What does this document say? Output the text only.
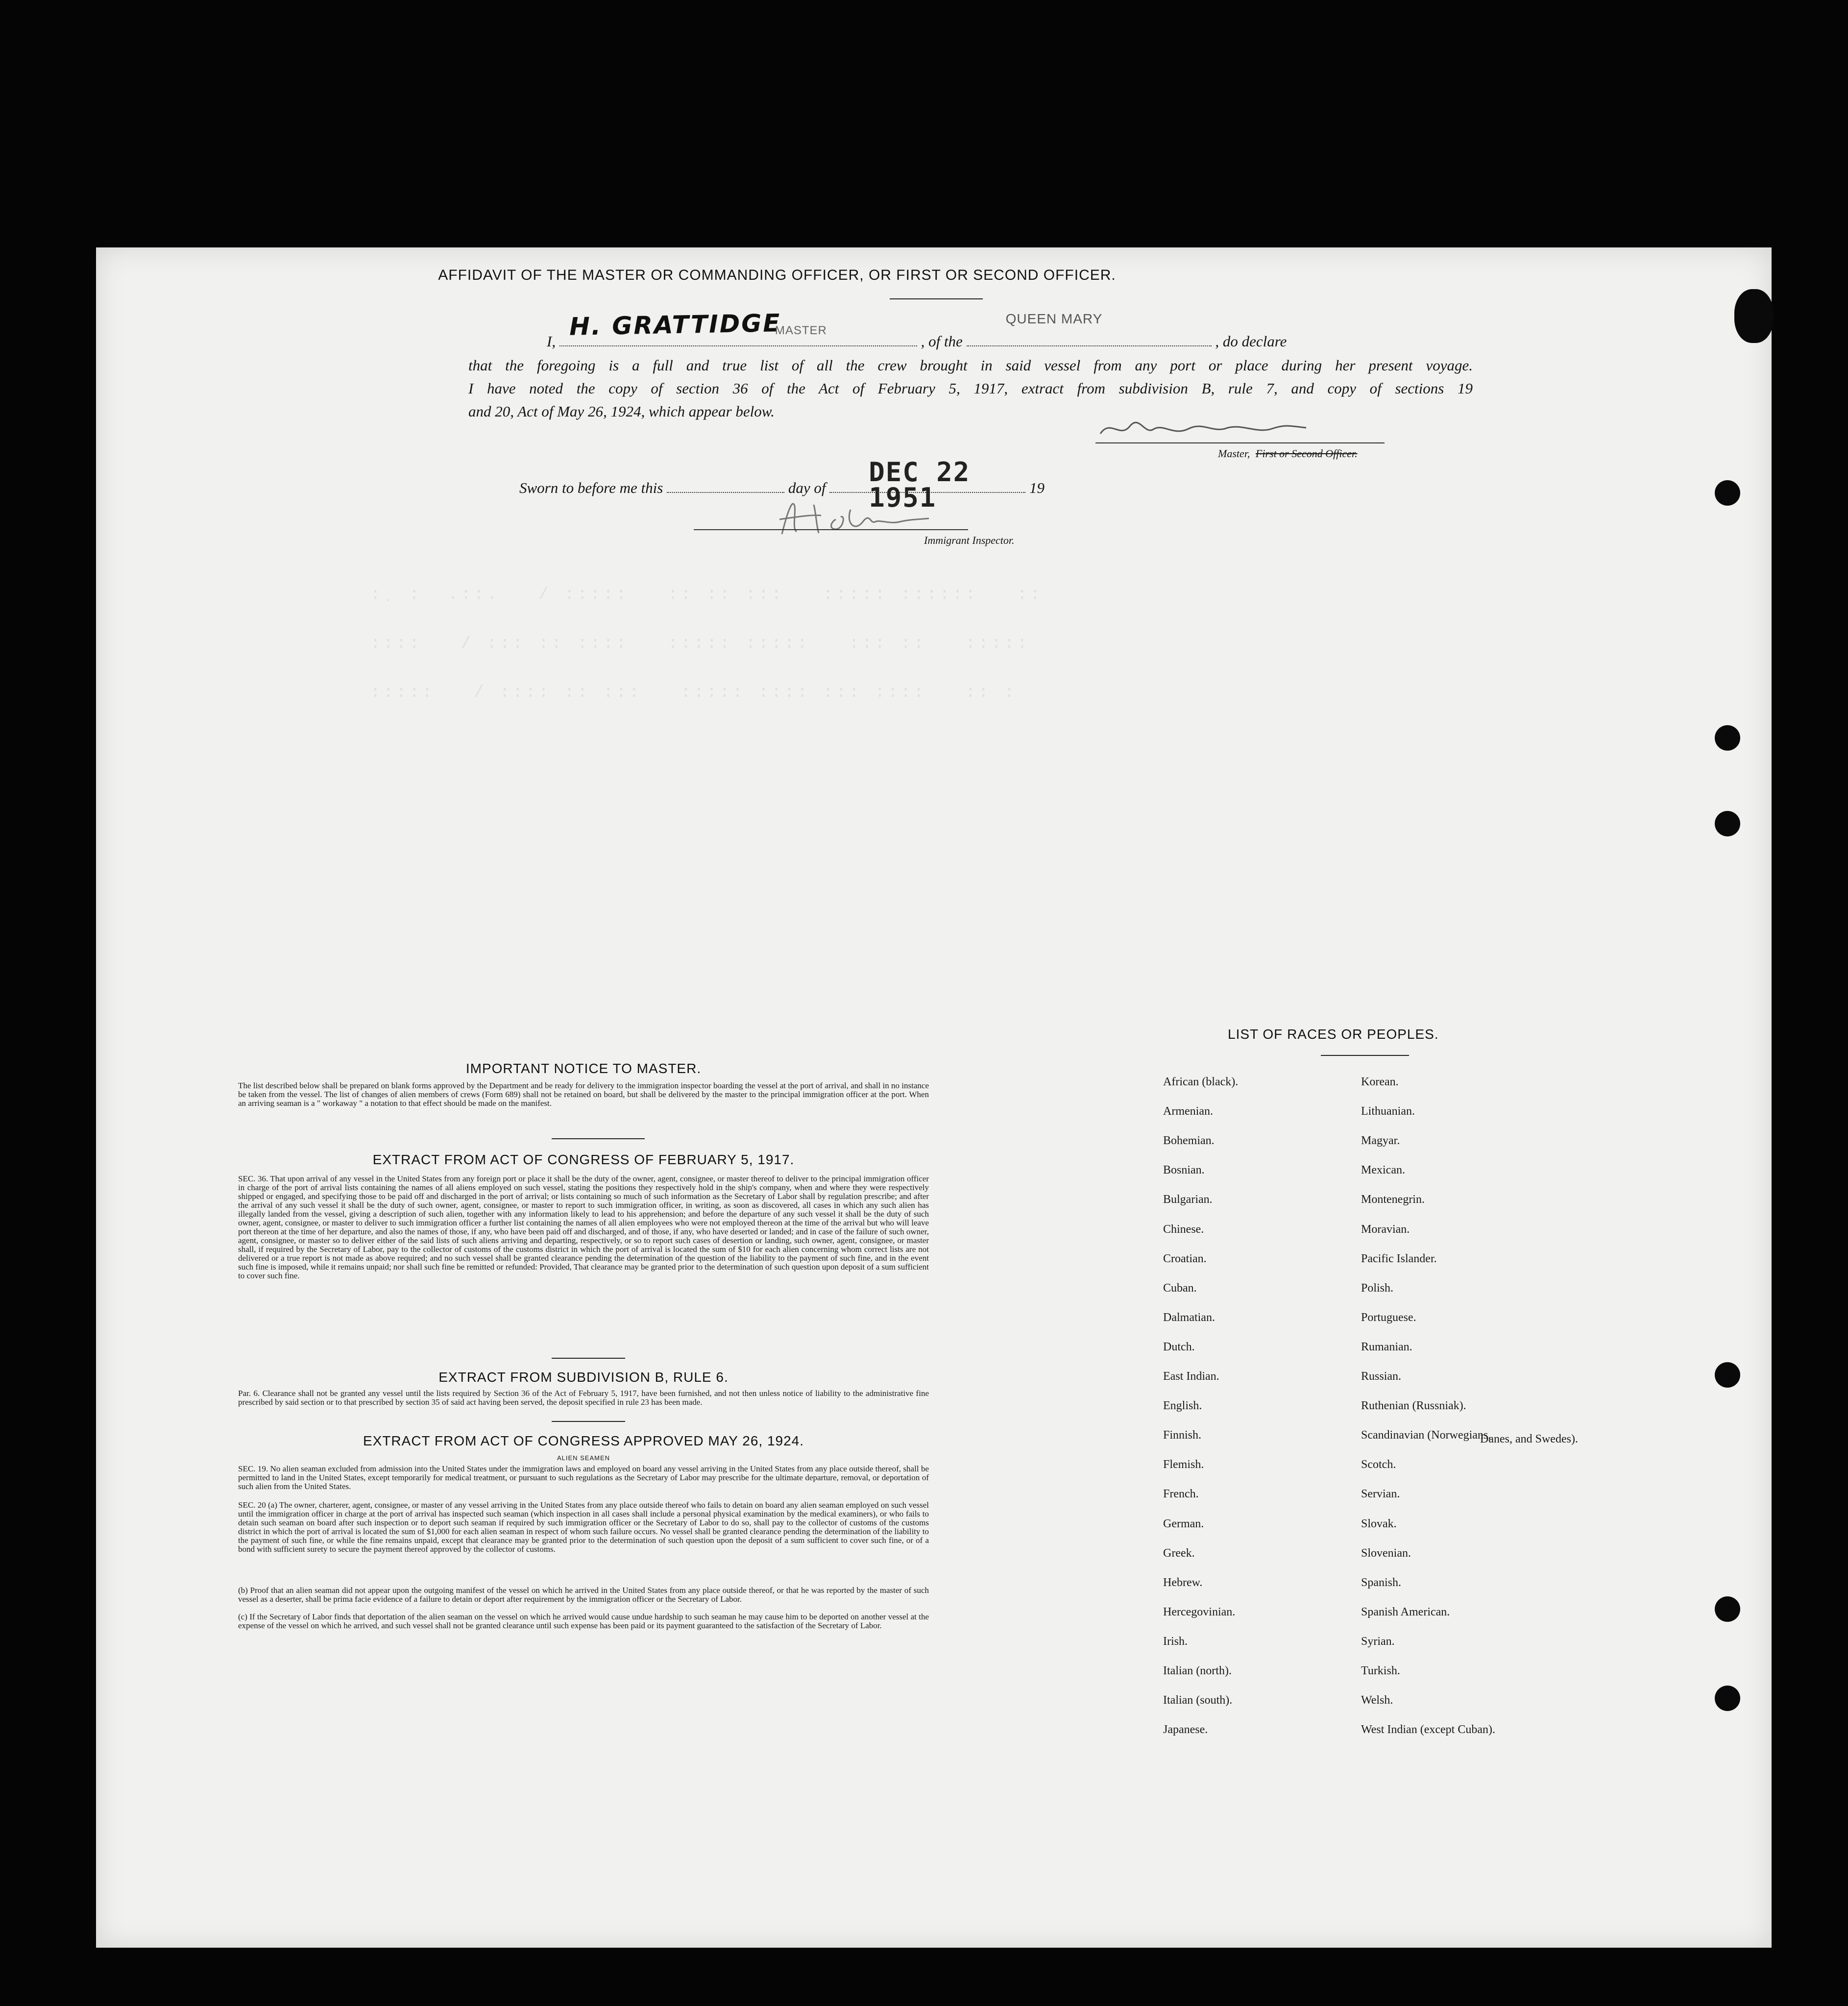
: ̣ :  .::.   / :::::   :: :: :::   ::::: ::::::   ::
::::   / ::: :: ::::   ::::: :::::   ::: ::   :::::
:::::   / :::: :: :::   ::::: :::: ::: ::::   :: :
AFFIDAVIT OF THE MASTER OR COMMANDING OFFICER, OR FIRST OR SECOND OFFICER.
I,
H. GRATTIDGE
MASTER
, of the
QUEEN MARY
, do declare
that the foregoing is a full and true list of all the crew brought in said vessel from any port or place during her present voyage.
I have noted the copy of section 36 of the Act of February 5, 1917, extract from subdivision B, rule 7, and copy of sections 19
and 20, Act of May 26, 1924, which appear below.
Master, First or Second Officer.
Sworn to before me this	day of
DEC 22 1951	19
Immigrant Inspector.
IMPORTANT NOTICE TO MASTER.
The list described below shall be prepared on blank forms approved by the Department and be ready for delivery to the immigration inspector boarding the vessel at the port of arrival, and shall in no instance be taken from the vessel. The list of changes of alien members of crews (Form 689) shall not be retained on board, but shall be delivered by the master to the principal immigration officer at the port. When an arriving seaman is a " workaway " a notation to that effect should be made on the manifest.
EXTRACT FROM ACT OF CONGRESS OF FEBRUARY 5, 1917.
SEC. 36. That upon arrival of any vessel in the United States from any foreign port or place it shall be the duty of the owner, agent, consignee, or master thereof to deliver to the principal immigration officer in charge of the port of arrival lists containing the names of all aliens employed on such vessel, stating the positions they respectively hold in the ship's company, when and where they were respectively shipped or engaged, and specifying those to be paid off and discharged in the port of arrival; or lists containing so much of such information as the Secretary of Labor shall by regulation prescribe; and after the arrival of any such vessel it shall be the duty of such owner, agent, consignee, or master to report to such immigration officer, in writing, as soon as discovered, all cases in which any such alien has illegally landed from the vessel, giving a description of such alien, together with any information likely to lead to his apprehension; and before the departure of any such vessel it shall be the duty of such owner, agent, consignee, or master to deliver to such immigration officer a further list containing the names of all alien employees who were not employed thereon at the time of the arrival but who will leave port thereon at the time of her departure, and also the names of those, if any, who have been paid off and discharged, and of those, if any, who have deserted or landed; and in case of the failure of such owner, agent, consignee, or master so to deliver either of the said lists of such aliens arriving and departing, respectively, or so to report such cases of desertion or landing, such owner, agent, consignee, or master shall, if required by the Secretary of Labor, pay to the collector of customs of the customs district in which the port of arrival is located the sum of $10 for each alien concerning whom correct lists are not delivered or a true report is not made as above required; and no such vessel shall be granted clearance pending the determination of the question of the liability to the payment of such fine, and in the event such fine is imposed, while it remains unpaid; nor shall such fine be remitted or refunded: Provided, That clearance may be granted prior to the determination of such question upon deposit of a sum sufficient to cover such fine.
EXTRACT FROM SUBDIVISION B, RULE 6.
Par. 6. Clearance shall not be granted any vessel until the lists required by Section 36 of the Act of February 5, 1917, have been furnished, and not then unless notice of liability to the administrative fine prescribed by said section or to that prescribed by section 35 of said act having been served, the deposit specified in rule 23 has been made.
EXTRACT FROM ACT OF CONGRESS APPROVED MAY 26, 1924.
ALIEN SEAMEN
SEC. 19. No alien seaman excluded from admission into the United States under the immigration laws and employed on board any vessel arriving in the United States from any place outside thereof, shall be permitted to land in the United States, except temporarily for medical treatment, or pursuant to such regulations as the Secretary of Labor may prescribe for the ultimate departure, removal, or deportation of such alien from the United States.
SEC. 20 (a) The owner, charterer, agent, consignee, or master of any vessel arriving in the United States from any place outside thereof who fails to detain on board any alien seaman employed on such vessel until the immigration officer in charge at the port of arrival has inspected such seaman (which inspection in all cases shall include a personal physical examination by the medical examiners), or who fails to detain such seaman on board after such inspection or to deport such seaman if required by such immigration officer or the Secretary of Labor to do so, shall pay to the collector of customs of the customs district in which the port of arrival is located the sum of $1,000 for each alien seaman in respect of whom such failure occurs. No vessel shall be granted clearance pending the determination of the liability to the payment of such fine, or while the fine remains unpaid, except that clearance may be granted prior to the determination of such question upon the deposit of a sum sufficient to cover such fine, or of a bond with sufficient surety to secure the payment thereof approved by the collector of customs.
(b) Proof that an alien seaman did not appear upon the outgoing manifest of the vessel on which he arrived in the United States from any place outside thereof, or that he was reported by the master of such vessel as a deserter, shall be prima facie evidence of a failure to detain or deport after requirement by the immigration officer or the Secretary of Labor.
(c) If the Secretary of Labor finds that deportation of the alien seaman on the vessel on which he arrived would cause undue hardship to such seaman he may cause him to be deported on another vessel at the expense of the vessel on which he arrived, and such vessel shall not be granted clearance until such expense has been paid or its payment guaranteed to the satisfaction of the Secretary of Labor.
LIST OF RACES OR PEOPLES.
Danes, and Swedes).
African (black).
Armenian.
Bohemian.
Bosnian.
Bulgarian.
Chinese.
Croatian.
Cuban.
Dalmatian.
Dutch.
East Indian.
English.
Finnish.
Flemish.
French.
German.
Greek.
Hebrew.
Hercegovinian.
Irish.
Italian (north).
Italian (south).
Japanese.
Korean.
Lithuanian.
Magyar.
Mexican.
Montenegrin.
Moravian.
Pacific Islander.
Polish.
Portuguese.
Rumanian.
Russian.
Ruthenian (Russniak).
Scandinavian (Norwegians,
Scotch.
Servian.
Slovak.
Slovenian.
Spanish.
Spanish American.
Syrian.
Turkish.
Welsh.
West Indian (except Cuban).
